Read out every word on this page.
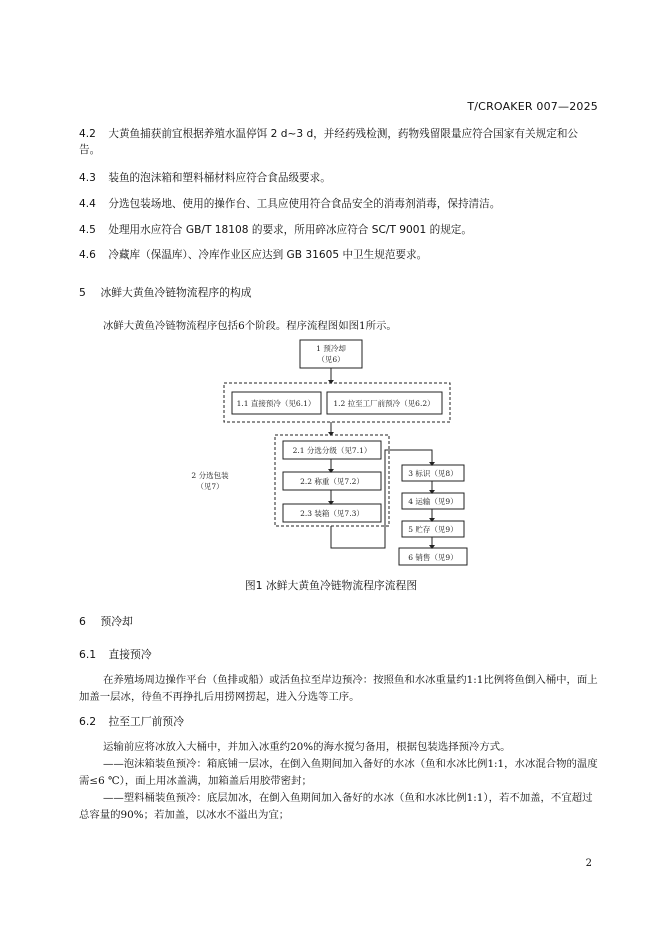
T/CROAKER 007—2025
4.2 大黄鱼捕获前宜根据养殖水温停饵 2 d~3 d，并经药残检测，药物残留限量应符合国家有关规定和公告。
4.3 装鱼的泡沫箱和塑料桶材料应符合食品级要求。
4.4 分选包装场地、使用的操作台、工具应使用符合食品安全的消毒剂消毒，保持清洁。
4.5 处理用水应符合 GB/T 18108 的要求，所用碎冰应符合 SC/T 9001 的规定。
4.6 冷藏库（保温库）、冷库作业区应达到 GB 31605 中卫生规范要求。
5 冰鲜大黄鱼冷链物流程序的构成
冰鲜大黄鱼冷链物流程序包括6个阶段。程序流程图如图1所示。
1 预冷却
（见6）
1.1 直接预冷（见6.1） 1.2 拉至工厂前预冷（见6.2）
2.1 分选分级（见7.1）
2.2 称重（见7.2）
2.3 装箱（见7.3）
2 分选包装
（见7）
3 标识（见8）
4 运输（见9）
5 贮存（见9）
6 销售（见9）
图1 冰鲜大黄鱼冷链物流程序流程图
6 预冷却
6.1 直接预冷
在养殖场周边操作平台（鱼排或船）或活鱼拉至岸边预冷：按照鱼和水冰重量约1:1比例将鱼倒入桶中，面上加盖一层冰，待鱼不再挣扎后用捞网捞起，进入分选等工序。
6.2 拉至工厂前预冷
运输前应将冰放入大桶中，并加入冰重约20%的海水搅匀备用，根据包装选择预冷方式。
——泡沫箱装鱼预冷：箱底铺一层冰，在倒入鱼期间加入备好的水冰（鱼和水冰比例1:1，水冰混合物的温度需≤6 ℃），面上用冰盖满，加箱盖后用胶带密封；
——塑料桶装鱼预冷：底层加冰，在倒入鱼期间加入备好的水冰（鱼和水冰比例1:1），若不加盖，不宜超过总容量的90%；若加盖，以冰水不溢出为宜；
2
